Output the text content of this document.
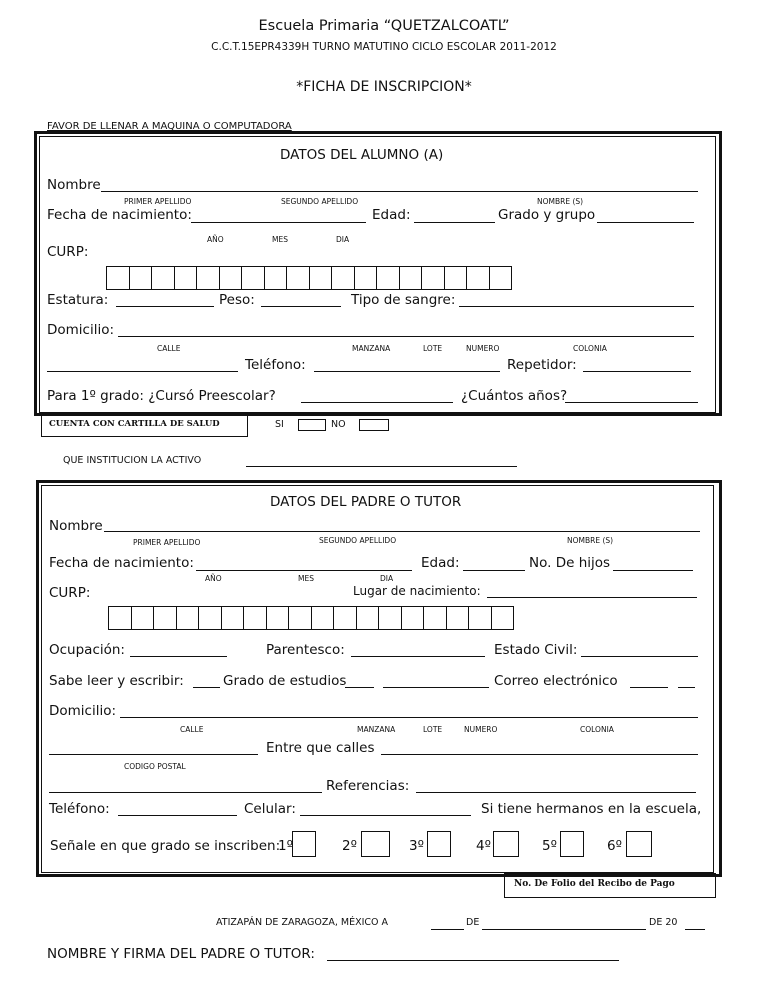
Escuela Primaria “QUETZALCOATL”
C.C.T.15EPR4339H TURNO MATUTINO CICLO ESCOLAR 2011-2012
*FICHA DE INSCRIPCION*
FAVOR DE LLENAR A MAQUINA O COMPUTADORA
DATOS DEL ALUMNO (A)
Nombre
PRIMER APELLIDO	SEGUNDO APELLIDO	NOMBRE (S)
Fecha de nacimiento:	Edad:	Grado y grupo
AÑO	MES	DIA
CURP:
Estatura:	Peso:	Tipo de sangre:
Domicilio:
CALLE	MANZANA	LOTE	NUMERO	COLONIA
Teléfono:	Repetidor:
Para 1º grado: ¿Cursó Preescolar?	¿Cuántos años?
CUENTA CON CARTILLA DE SALUD	SI	NO
QUE INSTITUCION LA ACTIVO
DATOS DEL PADRE O TUTOR
Nombre
PRIMER APELLIDO	SEGUNDO APELLIDO	NOMBRE (S)
Fecha de nacimiento:	Edad:	No. De hijos
AÑO	MES	DIA
CURP:	Lugar de nacimiento:
Ocupación:	Parentesco:	Estado Civil:
Sabe leer y escribir:	Grado de estudios	Correo electrónico
Domicilio:
CALLE	MANZANA	LOTE	NUMERO	COLONIA
Entre que calles
CODIGO POSTAL
Referencias:
Teléfono:	Celular:	Si tiene hermanos en la escuela,
Señale en que grado se inscriben:
1º	2º	3º	4º	5º	6º
No. De Folio del Recibo de Pago
ATIZAPÁN DE ZARAGOZA, MÉXICO A	DE	DE 20
NOMBRE Y FIRMA DEL PADRE O TUTOR:
